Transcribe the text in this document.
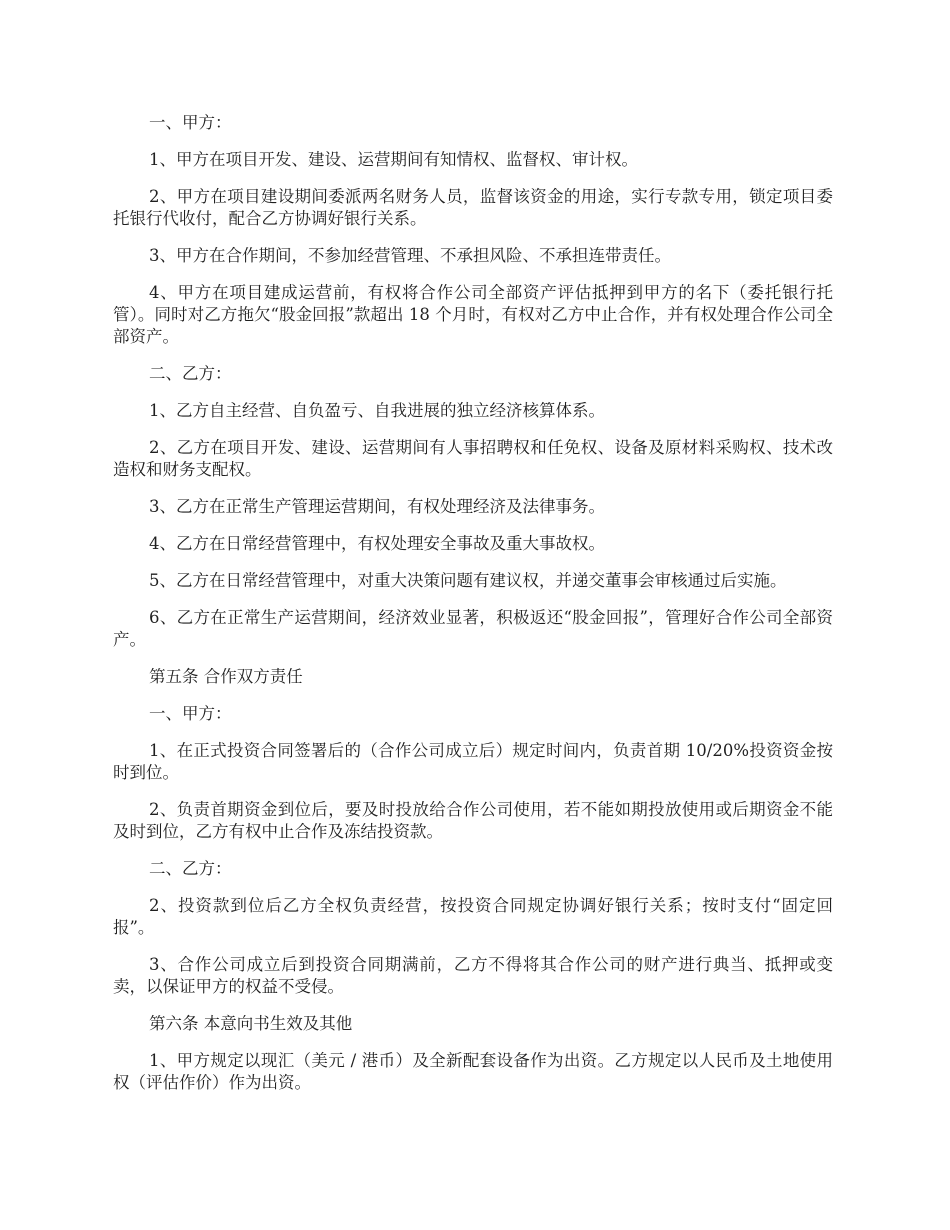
一、甲方：

1、甲方在项目开发、建设、运营期间有知情权、监督权、审计权。

2、甲方在项目建设期间委派两名财务人员，监督该资金的用途，实行专款专用，锁定项目委托银行代收付，配合乙方协调好银行关系。

3、甲方在合作期间，不参加经营管理、不承担风险、不承担连带责任。

4、甲方在项目建成运营前，有权将合作公司全部资产评估抵押到甲方的名下（委托银行托管）。同时对乙方拖欠“股金回报”款超出 18 个月时，有权对乙方中止合作，并有权处理合作公司全部资产。

二、乙方：

1、乙方自主经营、自负盈亏、自我进展的独立经济核算体系。

2、乙方在项目开发、建设、运营期间有人事招聘权和任免权、设备及原材料采购权、技术改造权和财务支配权。

3、乙方在正常生产管理运营期间，有权处理经济及法律事务。

4、乙方在日常经营管理中，有权处理安全事故及重大事故权。

5、乙方在日常经营管理中，对重大决策问题有建议权，并递交董事会审核通过后实施。

6、乙方在正常生产运营期间，经济效业显著，积极返还“股金回报”，管理好合作公司全部资产。

第五条 合作双方责任

一、甲方：

1、在正式投资合同签署后的（合作公司成立后）规定时间内，负责首期 10/20%投资资金按时到位。

2、负责首期资金到位后，要及时投放给合作公司使用，若不能如期投放使用或后期资金不能及时到位，乙方有权中止合作及冻结投资款。

二、乙方：

2、投资款到位后乙方全权负责经营，按投资合同规定协调好银行关系；按时支付“固定回报”。

3、合作公司成立后到投资合同期满前，乙方不得将其合作公司的财产进行典当、抵押或变卖，以保证甲方的权益不受侵。

第六条 本意向书生效及其他

1、甲方规定以现汇（美元 / 港币）及全新配套设备作为出资。乙方规定以人民币及土地使用权（评估作价）作为出资。
